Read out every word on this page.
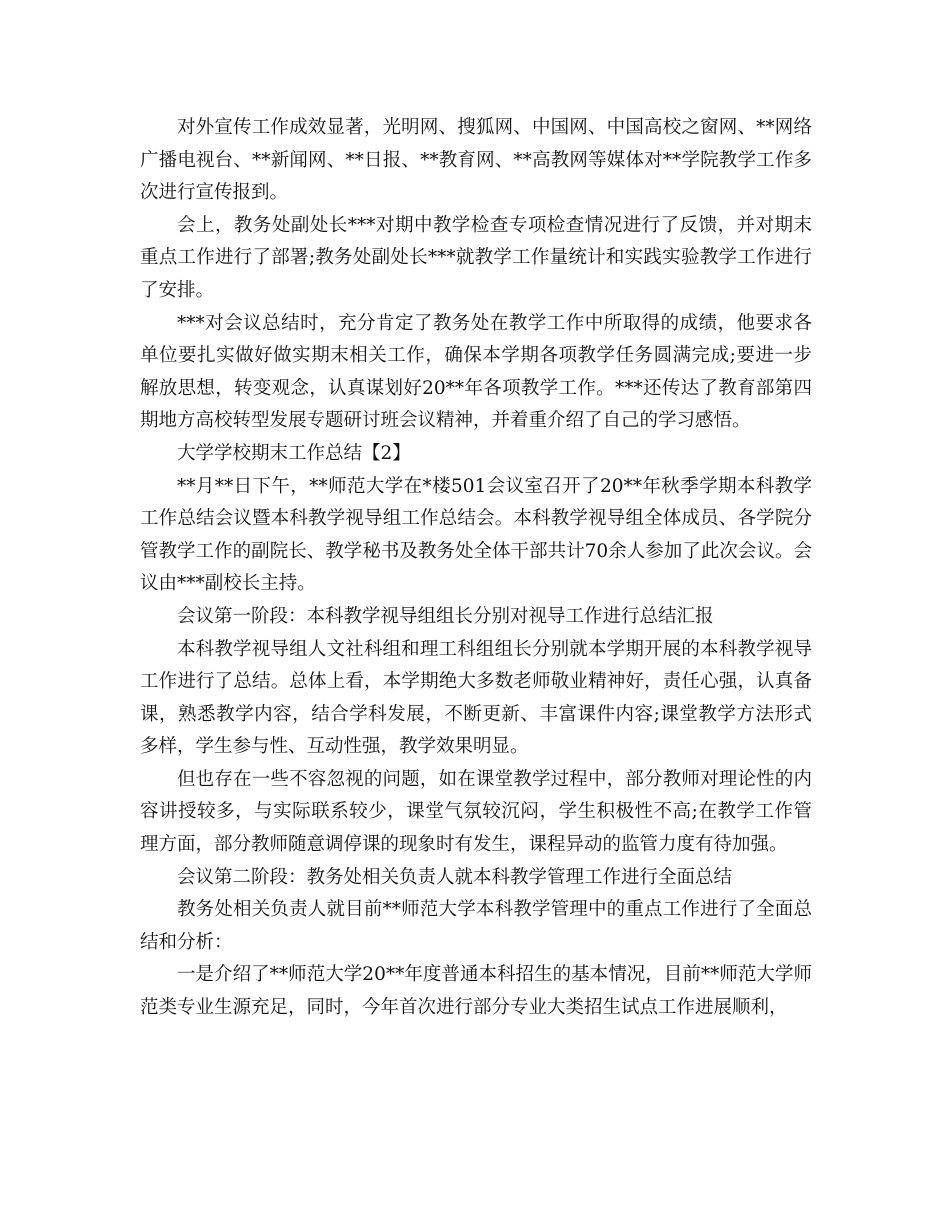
对外宣传工作成效显著，光明网、搜狐网、中国网、中国高校之窗网、**网络广播电视台、**新闻网、**日报、**教育网、**高教网等媒体对**学院教学工作多次进行宣传报到。

会上，教务处副处长***对期中教学检查专项检查情况进行了反馈，并对期末重点工作进行了部署;教务处副处长***就教学工作量统计和实践实验教学工作进行了安排。

***对会议总结时，充分肯定了教务处在教学工作中所取得的成绩，他要求各单位要扎实做好做实期末相关工作，确保本学期各项教学任务圆满完成;要进一步解放思想，转变观念，认真谋划好20**年各项教学工作。***还传达了教育部第四期地方高校转型发展专题研讨班会议精神，并着重介绍了自己的学习感悟。

大学学校期末工作总结【2】

**月**日下午，**师范大学在*楼501会议室召开了20**年秋季学期本科教学工作总结会议暨本科教学视导组工作总结会。本科教学视导组全体成员、各学院分管教学工作的副院长、教学秘书及教务处全体干部共计70余人参加了此次会议。会议由***副校长主持。

会议第一阶段：本科教学视导组组长分别对视导工作进行总结汇报

本科教学视导组人文社科组和理工科组组长分别就本学期开展的本科教学视导工作进行了总结。总体上看，本学期绝大多数老师敬业精神好，责任心强，认真备课，熟悉教学内容，结合学科发展，不断更新、丰富课件内容;课堂教学方法形式多样，学生参与性、互动性强，教学效果明显。

但也存在一些不容忽视的问题，如在课堂教学过程中，部分教师对理论性的内容讲授较多，与实际联系较少，课堂气氛较沉闷，学生积极性不高;在教学工作管理方面，部分教师随意调停课的现象时有发生，课程异动的监管力度有待加强。

会议第二阶段：教务处相关负责人就本科教学管理工作进行全面总结

教务处相关负责人就目前**师范大学本科教学管理中的重点工作进行了全面总结和分析：

一是介绍了**师范大学20**年度普通本科招生的基本情况，目前**师范大学师范类专业生源充足，同时，今年首次进行部分专业大类招生试点工作进展顺利，
